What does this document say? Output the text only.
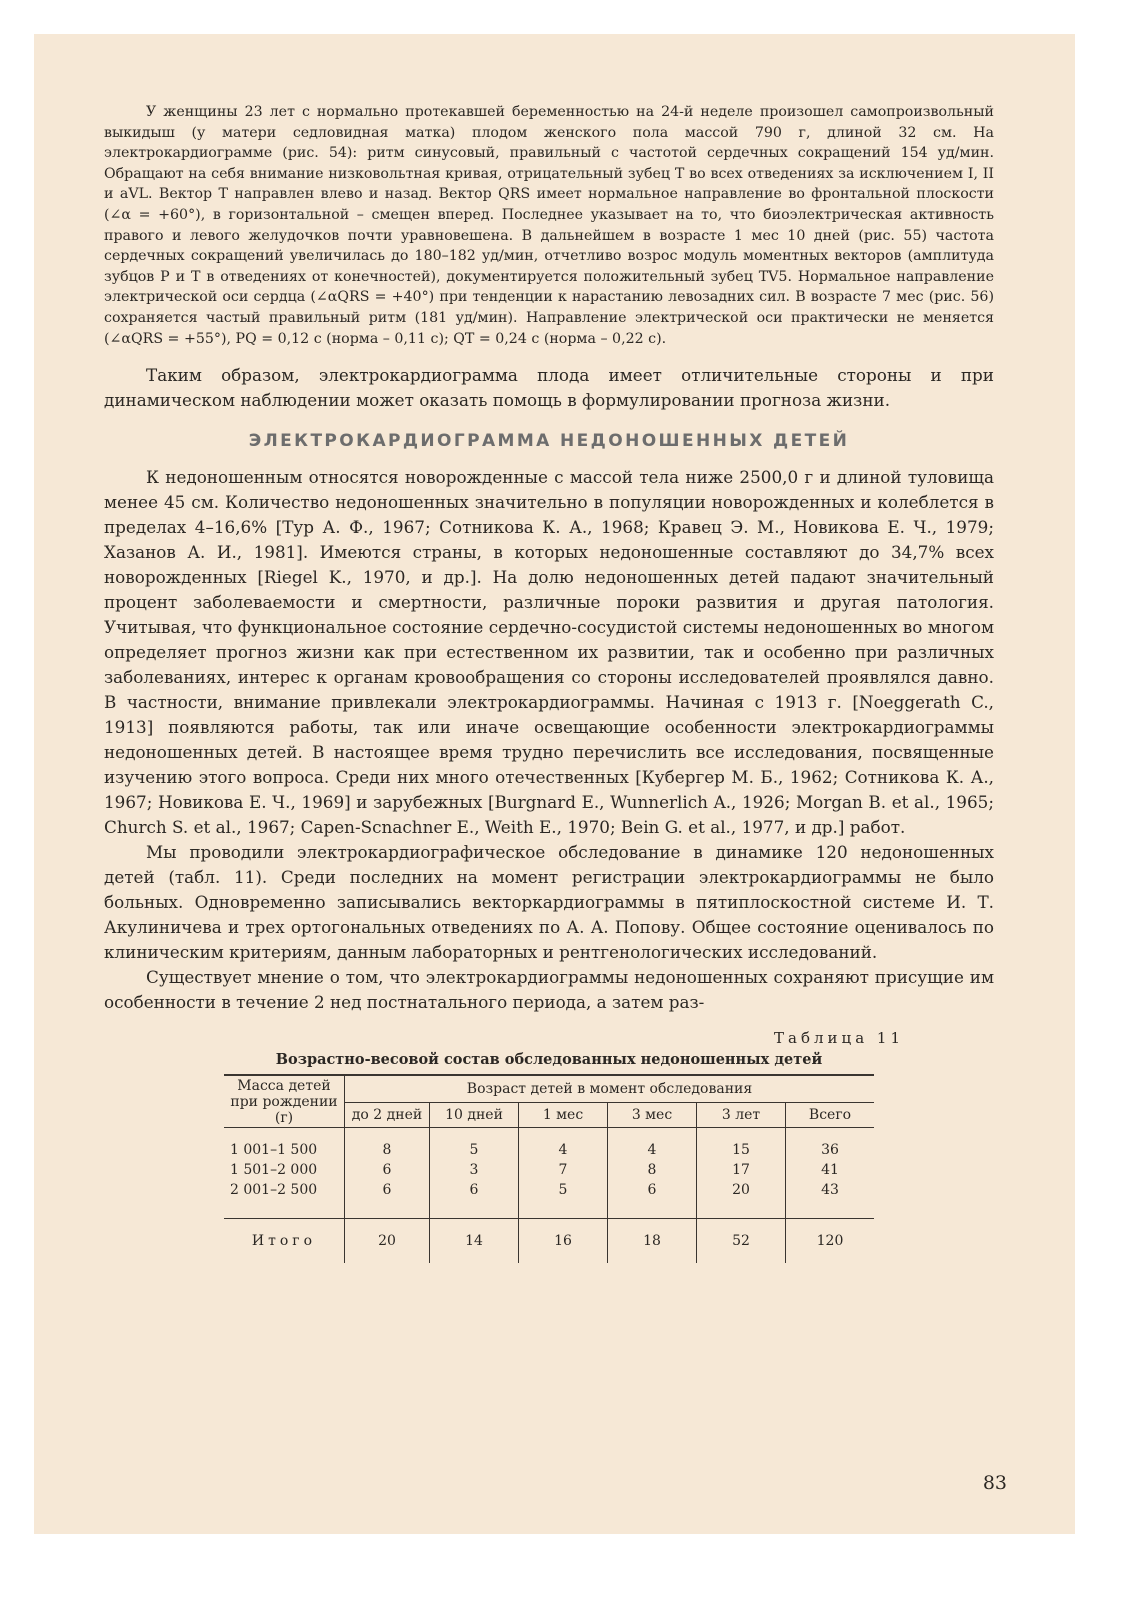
У женщины 23 лет с нормально протекавшей беременностью на 24-й неделе произошел самопроизвольный выкидыш (у матери седловидная матка) плодом женского пола массой 790 г, длиной 32 см. На электрокардиограмме (рис. 54): ритм синусовый, правильный с частотой сердечных сокращений 154 уд/мин. Обращают на себя внимание низковольтная кривая, отрицательный зубец Т во всех отведениях за исключением I, II и aVL. Вектор Т направлен влево и назад. Вектор QRS имеет нормальное направление во фронтальной плоскости (∠α = +60°), в горизонтальной – смещен вперед. Последнее указывает на то, что биоэлектрическая активность правого и левого желудочков почти уравновешена. В дальнейшем в возрасте 1 мес 10 дней (рис. 55) частота сердечных сокращений увеличилась до 180–182 уд/мин, отчетливо возрос модуль моментных векторов (амплитуда зубцов Р и Т в отведениях от конечностей), документируется положительный зубец TV5. Нормальное направление электрической оси сердца (∠αQRS = +40°) при тенденции к нарастанию левозадних сил. В возрасте 7 мес (рис. 56) сохраняется частый правильный ритм (181 уд/мин). Направление электрической оси практически не меняется (∠αQRS = +55°), PQ = 0,12 с (норма – 0,11 с); QT = 0,24 с (норма – 0,22 с).

Таким образом, электрокардиограмма плода имеет отличительные стороны и при динамическом наблюдении может оказать помощь в формулировании прогноза жизни.

ЭЛЕКТРОКАРДИОГРАММА НЕДОНОШЕННЫХ ДЕТЕЙ

К недоношенным относятся новорожденные с массой тела ниже 2500,0 г и длиной туловища менее 45 см. Количество недоношенных значительно в популяции новорожденных и колеблется в пределах 4–16,6% [Тур А. Ф., 1967; Сотникова К. А., 1968; Кравец Э. М., Новикова Е. Ч., 1979; Хазанов А. И., 1981]. Имеются страны, в которых недоношенные составляют до 34,7% всех новорожденных [Riegel K., 1970, и др.]. На долю недоношенных детей падают значительный процент заболеваемости и смертности, различные пороки развития и другая патология. Учитывая, что функциональное состояние сердечно-сосудистой системы недоношенных во многом определяет прогноз жизни как при естественном их развитии, так и особенно при различных заболеваниях, интерес к органам кровообращения со стороны исследователей проявлялся давно. В частности, внимание привлекали электрокардиограммы. Начиная с 1913 г. [Noeggerath C., 1913] появляются работы, так или иначе освещающие особенности электрокардиограммы недоношенных детей. В настоящее время трудно перечислить все исследования, посвященные изучению этого вопроса. Среди них много отечественных [Кубергер М. Б., 1962; Сотникова К. А., 1967; Новикова Е. Ч., 1969] и зарубежных [Burgnard E., Wunnerlich A., 1926; Morgan B. et al., 1965; Church S. et al., 1967; Capen-Scnachner E., Weith E., 1970; Bein G. et al., 1977, и др.] работ.

Мы проводили электрокардиографическое обследование в динамике 120 недоношенных детей (табл. 11). Среди последних на момент регистрации электрокардиограммы не было больных. Одновременно записывались векторкардиограммы в пятиплоскостной системе И. Т. Акулиничева и трех ортогональных отведениях по А. А. Попову. Общее состояние оценивалось по клиническим критериям, данным лабораторных и рентгенологических исследований.

Существует мнение о том, что электрокардиограммы недоношенных сохраняют присущие им особенности в течение 2 нед постнатального периода, а затем раз-

Таблица 11
Возрастно-весовой состав обследованных недоношенных детей
Масса детей при рождении (г)	Возраст детей в момент обследования					
	до 2 дней	10 дней	1 мес	3 мес	3 лет	Всего
1 001–1 500	8	5	4	4	15	36
1 501–2 000	6	3	7	8	17	41
2 001–2 500	6	6	5	6	20	43
Итого	20	14	16	18	52	120
83
